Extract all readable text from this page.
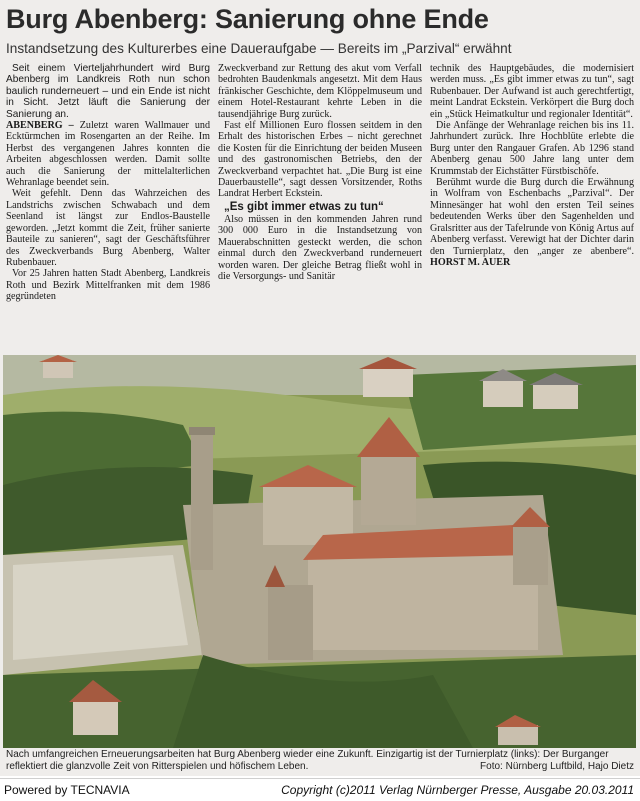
Burg Abenberg: Sanierung ohne Ende
Instandsetzung des Kulturerbes eine Daueraufgabe — Bereits im „Parzival“ erwähnt

Seit einem Vierteljahrhundert wird Burg Abenberg im Landkreis Roth nun schon baulich runderneuert – und ein Ende ist nicht in Sicht. Jetzt läuft die Sanierung der Sanierung an.

ABENBERG – Zuletzt waren Wallmauer und Ecktürmchen im Rosengarten an der Reihe. Im Herbst des vergangenen Jahres konnten die Arbeiten abgeschlossen werden. Damit sollte auch die Sanierung der mittelalterlichen Wehranlage beendet sein.

Weit gefehlt. Denn das Wahrzeichen des Landstrichs zwischen Schwabach und dem Seenland ist längst zur Endlos-Baustelle geworden. „Jetzt kommt die Zeit, früher sanierte Bauteile zu sanieren“, sagt der Geschäftsführer des Zweckverbands Burg Abenberg, Walter Rubenbauer.

Vor 25 Jahren hatten Stadt Abenberg, Landkreis Roth und Bezirk Mittelfranken mit dem 1986 gegründeten

Zweckverband zur Rettung des akut vom Verfall bedrohten Baudenkmals angesetzt. Mit dem Haus fränkischer Geschichte, dem Klöppelmuseum und einem Hotel-Restaurant kehrte Leben in die tausendjährige Burg zurück.

Fast elf Millionen Euro flossen seitdem in den Erhalt des historischen Erbes – nicht gerechnet die Kosten für die Einrichtung der beiden Museen und des gastronomischen Betriebs, den der Zweckverband verpachtet hat. „Die Burg ist eine Dauerbaustelle“, sagt dessen Vorsitzender, Roths Landrat Herbert Eckstein.

„Es gibt immer etwas zu tun“

Also müssen in den kommenden Jahren rund 300 000 Euro in die Instandsetzung von Mauerabschnitten gesteckt werden, die schon einmal durch den Zweckverband runderneuert worden waren. Der gleiche Betrag fließt wohl in die Versorgungs- und Sanitär

technik des Hauptgebäudes, die modernisiert werden muss. „Es gibt immer etwas zu tun“, sagt Rubenbauer. Der Aufwand ist auch gerechtfertigt, meint Landrat Eckstein. Verkörpert die Burg doch ein „Stück Heimatkultur und regionaler Identität“.

Die Anfänge der Wehranlage reichen bis ins 11. Jahrhundert zurück. Ihre Hochblüte erlebte die Burg unter den Rangauer Grafen. Ab 1296 stand Abenberg genau 500 Jahre lang unter dem Krummstab der Eichstätter Fürstbischöfe.

Berühmt wurde die Burg durch die Erwähnung in Wolfram von Eschenbachs „Parzival“. Der Minnesänger hat wohl den ersten Teil seines bedeutenden Werks über den Sagenhelden und Gralsritter aus der Tafelrunde von König Artus auf Abenberg verfasst. Verewigt hat der Dichter darin den Turnierplatz, den „anger ze abenbere“. HORST M. AUER

Nach umfangreichen Erneuerungsarbeiten hat Burg Abenberg wieder eine Zukunft. Einzigartig ist der Turnierplatz (links): Der Burganger reflektiert die glanzvolle Zeit von Ritterspielen und höfischem Leben.	Foto: Nürnberg Luftbild, Hajo Dietz
Powered by TECNAVIA	Copyright (c)2011 Verlag Nürnberger Presse, Ausgabe 20.03.2011
